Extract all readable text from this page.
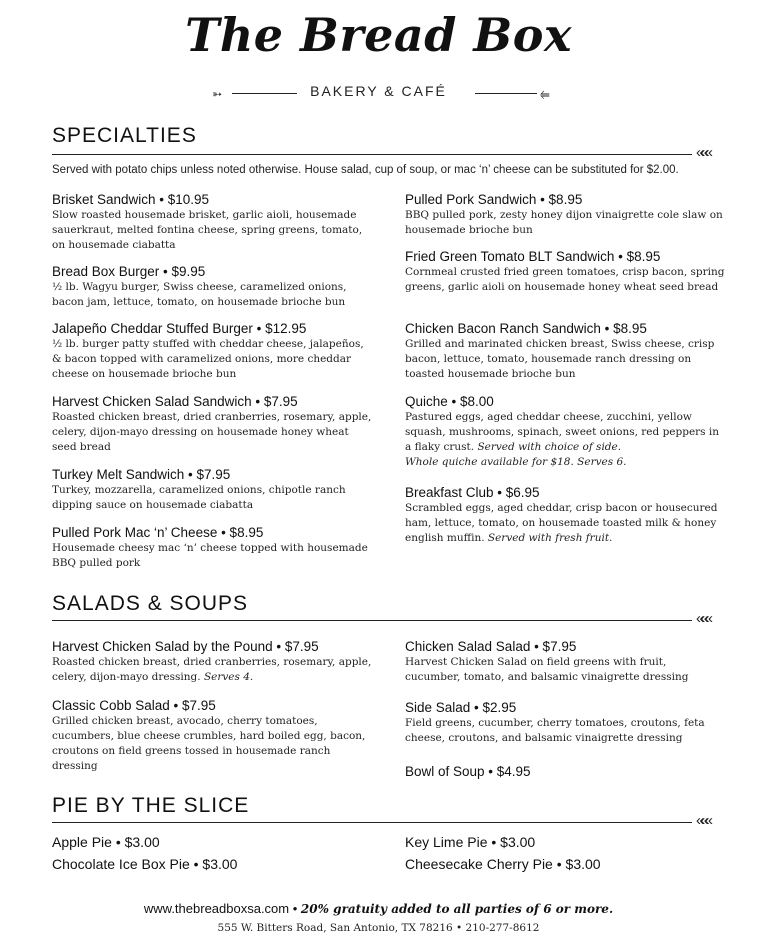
The Bread Box
➳	BAKERY & CAFÉ	⥢
SPECIALTIES
«««
Served with potato chips unless noted otherwise. House salad, cup of soup, or mac ‘n’ cheese can be substituted for $2.00.
Brisket Sandwich • $10.95
Slow roasted housemade brisket, garlic aioli, housemade sauerkraut, melted fontina cheese, spring greens, tomato, on housemade ciabatta
Bread Box Burger • $9.95
½ lb. Wagyu burger, Swiss cheese, caramelized onions, bacon jam, lettuce, tomato, on housemade brioche bun
Jalapeño Cheddar Stuffed Burger • $12.95
½ lb. burger patty stuffed with cheddar cheese, jalapeños, & bacon topped with caramelized onions, more cheddar cheese on housemade brioche bun
Harvest Chicken Salad Sandwich • $7.95
Roasted chicken breast, dried cranberries, rosemary, apple, celery, dijon-mayo dressing on housemade honey wheat seed bread
Turkey Melt Sandwich • $7.95
Turkey, mozzarella, caramelized onions, chipotle ranch dipping sauce on housemade ciabatta
Pulled Pork Mac ‘n’ Cheese • $8.95
Housemade cheesy mac ‘n’ cheese topped with housemade BBQ pulled pork
Pulled Pork Sandwich • $8.95
BBQ pulled pork, zesty honey dijon vinaigrette cole slaw on housemade brioche bun
Fried Green Tomato BLT Sandwich • $8.95
Cornmeal crusted fried green tomatoes, crisp bacon, spring greens, garlic aioli on housemade honey wheat seed bread
Chicken Bacon Ranch Sandwich • $8.95
Grilled and marinated chicken breast, Swiss cheese, crisp bacon, lettuce, tomato, housemade ranch dressing on toasted housemade brioche bun
Quiche • $8.00
Pastured eggs, aged cheddar cheese, zucchini, yellow squash, mushrooms, spinach, sweet onions, red peppers in a flaky crust. Served with choice of side.
Whole quiche available for $18. Serves 6.
Breakfast Club • $6.95
Scrambled eggs, aged cheddar, crisp bacon or housecured ham, lettuce, tomato, on housemade toasted milk & honey english muffin. Served with fresh fruit.
SALADS & SOUPS
«««
Harvest Chicken Salad by the Pound • $7.95
Roasted chicken breast, dried cranberries, rosemary, apple, celery, dijon-mayo dressing. Serves 4.
Classic Cobb Salad • $7.95
Grilled chicken breast, avocado, cherry tomatoes, cucumbers, blue cheese crumbles, hard boiled egg, bacon, croutons on field greens tossed in housemade ranch dressing
Chicken Salad Salad • $7.95
Harvest Chicken Salad on field greens with fruit, cucumber, tomato, and balsamic vinaigrette dressing
Side Salad • $2.95
Field greens, cucumber, cherry tomatoes, croutons, feta cheese, croutons, and balsamic vinaigrette dressing
Bowl of Soup • $4.95
PIE BY THE SLICE
«««
Apple Pie • $3.00
Chocolate Ice Box Pie • $3.00
Key Lime Pie • $3.00
Cheesecake Cherry Pie • $3.00
www.thebreadboxsa.com • 20% gratuity added to all parties of 6 or more.
555 W. Bitters Road, San Antonio, TX 78216 • 210-277-8612
